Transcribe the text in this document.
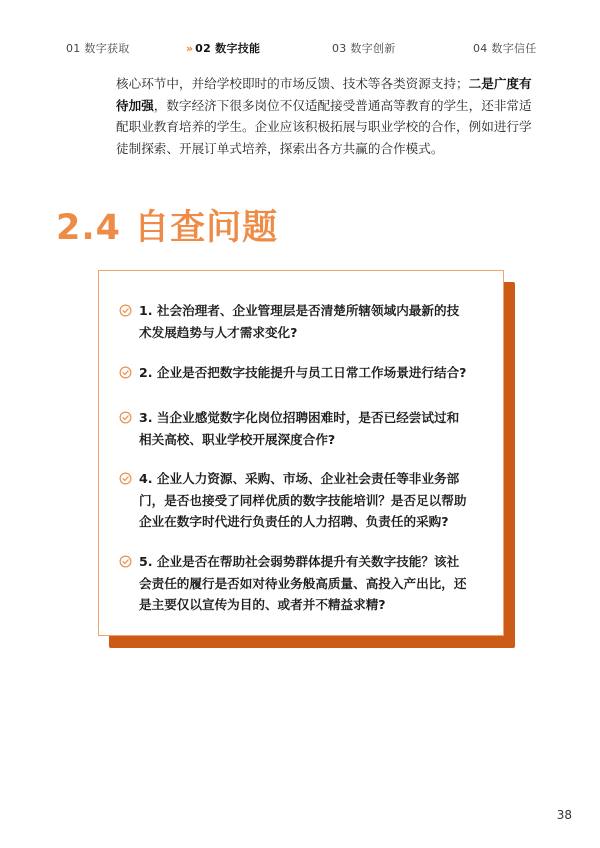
01 数字获取	» 02 数字技能	03 数字创新	04 数字信任

核心环节中，并给学校即时的市场反馈、技术等各类资源支持；二是广度有待加强，数字经济下很多岗位不仅适配接受普通高等教育的学生，还非常适配职业教育培养的学生。企业应该积极拓展与职业学校的合作，例如进行学徒制探索、开展订单式培养，探索出各方共赢的合作模式。

2.4 自查问题
1. 社会治理者、企业管理层是否清楚所辖领域内最新的技术发展趋势与人才需求变化?
2. 企业是否把数字技能提升与员工日常工作场景进行结合?
3. 当企业感觉数字化岗位招聘困难时，是否已经尝试过和相关高校、职业学校开展深度合作?
4. 企业人力资源、采购、市场、企业社会责任等非业务部门，是否也接受了同样优质的数字技能培训？是否足以帮助企业在数字时代进行负责任的人力招聘、负责任的采购?
5. 企业是否在帮助社会弱势群体提升有关数字技能？该社会责任的履行是否如对待业务般高质量、高投入产出比，还是主要仅以宣传为目的、或者并不精益求精?
38
